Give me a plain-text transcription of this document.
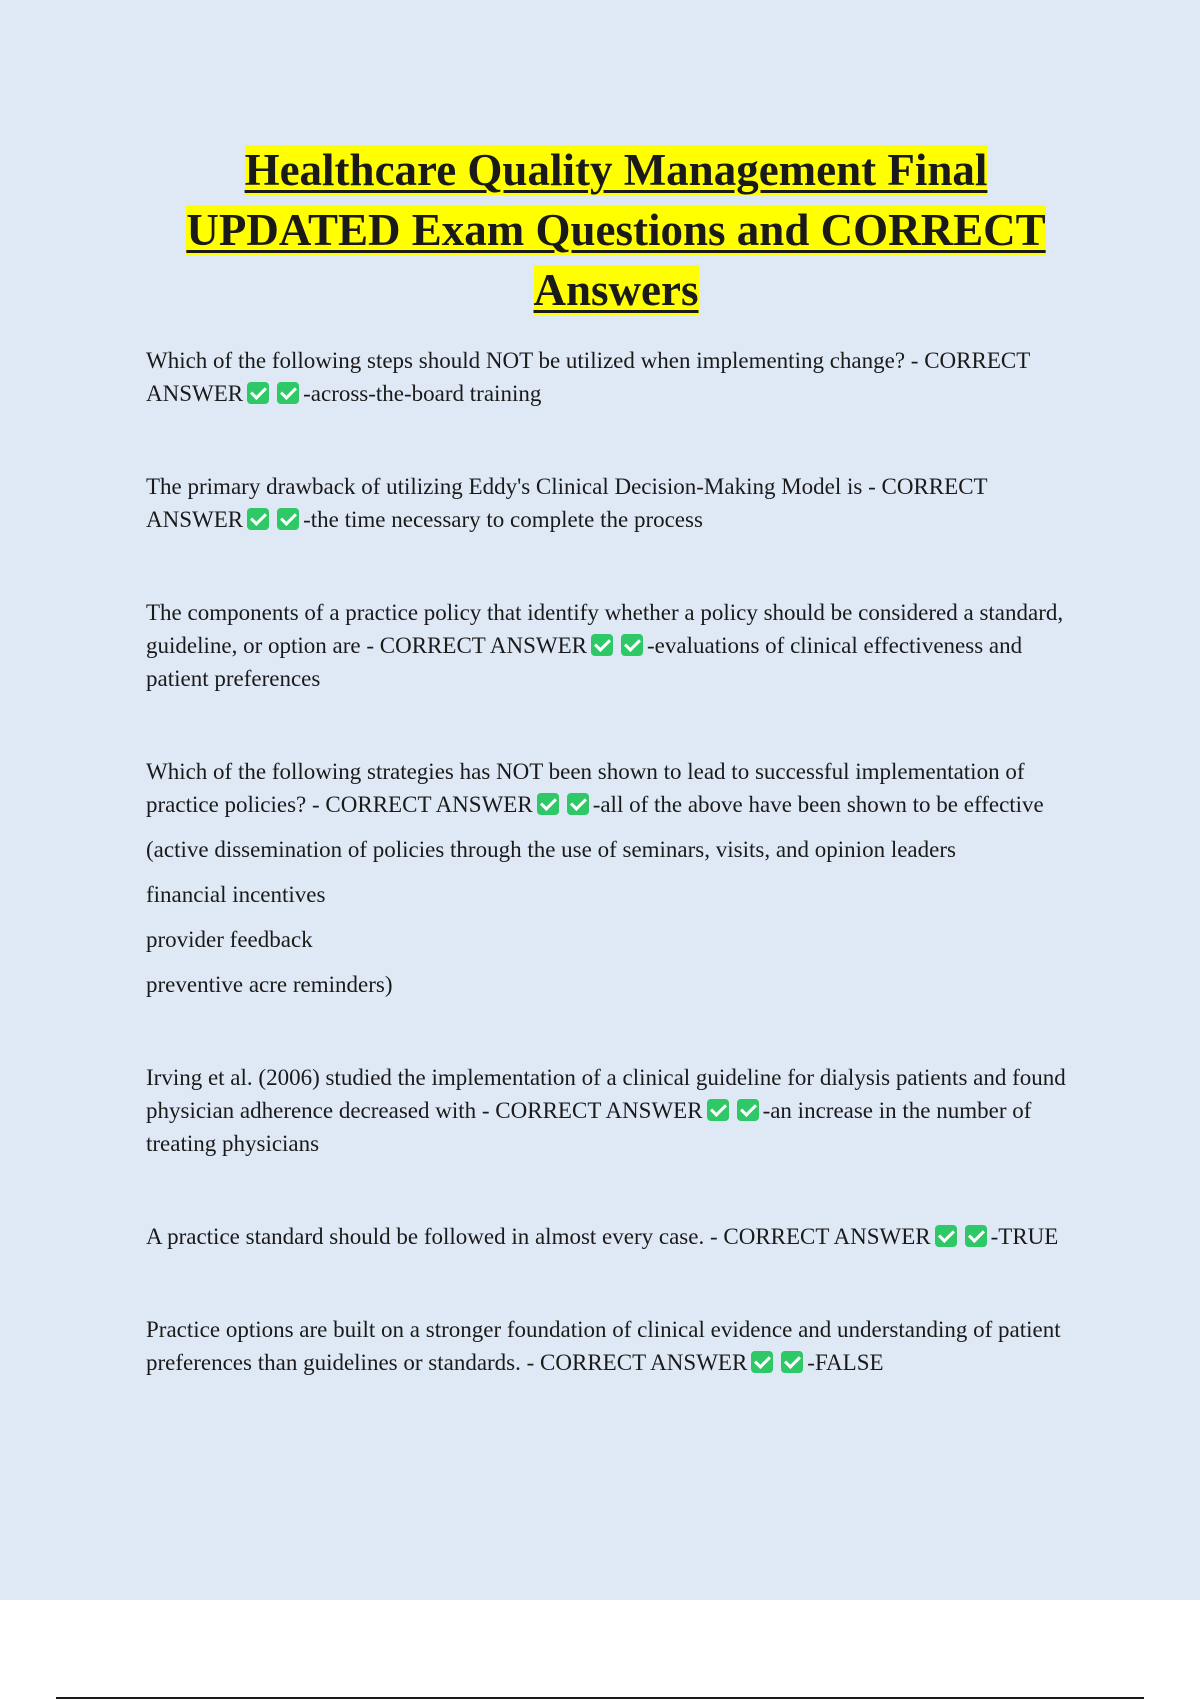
Healthcare Quality Management Final
UPDATED Exam Questions and CORRECT
Answers

Which of the following steps should NOT be utilized when implementing change? - CORRECT ANSWER	-across-the-board training

The primary drawback of utilizing Eddy's Clinical Decision-Making Model is - CORRECT ANSWER	-the time necessary to complete the process

The components of a practice policy that identify whether a policy should be considered a standard, guideline, or option are - CORRECT ANSWER	-evaluations of clinical effectiveness and patient preferences

Which of the following strategies has NOT been shown to lead to successful implementation of practice policies? - CORRECT ANSWER	-all of the above have been shown to be effective

(active dissemination of policies through the use of seminars, visits, and opinion leaders

financial incentives

provider feedback

preventive acre reminders)

Irving et al. (2006) studied the implementation of a clinical guideline for dialysis patients and found physician adherence decreased with - CORRECT ANSWER	-an increase in the number of treating physicians

A practice standard should be followed in almost every case. - CORRECT ANSWER	-TRUE

Practice options are built on a stronger foundation of clinical evidence and understanding of patient preferences than guidelines or standards. - CORRECT ANSWER	-FALSE
